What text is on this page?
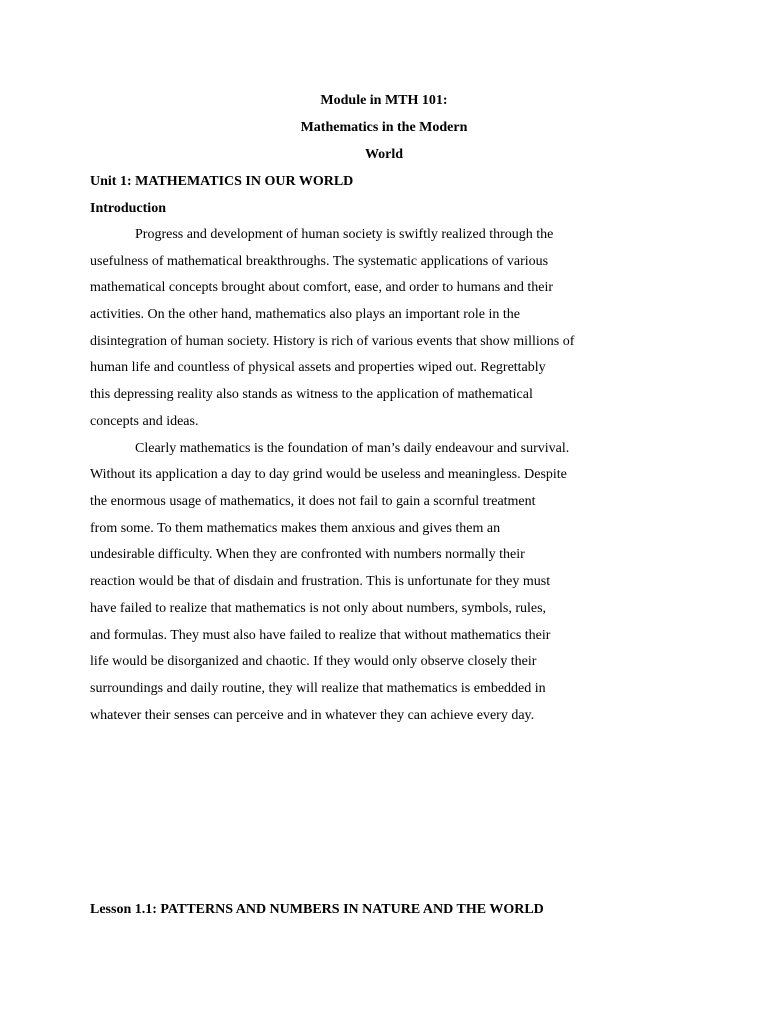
Module in MTH 101:
Mathematics in the Modern
World
Unit 1: MATHEMATICS IN OUR WORLD
Introduction
Progress and development of human society is swiftly realized through the
usefulness of mathematical breakthroughs. The systematic applications of various
mathematical concepts brought about comfort, ease, and order to humans and their
activities. On the other hand, mathematics also plays an important role in the
disintegration of human society. History is rich of various events that show millions of
human life and countless of physical assets and properties wiped out. Regrettably
this depressing reality also stands as witness to the application of mathematical
concepts and ideas.
Clearly mathematics is the foundation of man’s daily endeavour and survival.
Without its application a day to day grind would be useless and meaningless. Despite
the enormous usage of mathematics, it does not fail to gain a scornful treatment
from some. To them mathematics makes them anxious and gives them an
undesirable difficulty. When they are confronted with numbers normally their
reaction would be that of disdain and frustration. This is unfortunate for they must
have failed to realize that mathematics is not only about numbers, symbols, rules,
and formulas. They must also have failed to realize that without mathematics their
life would be disorganized and chaotic. If they would only observe closely their
surroundings and daily routine, they will realize that mathematics is embedded in
whatever their senses can perceive and in whatever they can achieve every day.
Lesson 1.1: PATTERNS AND NUMBERS IN NATURE AND THE WORLD
